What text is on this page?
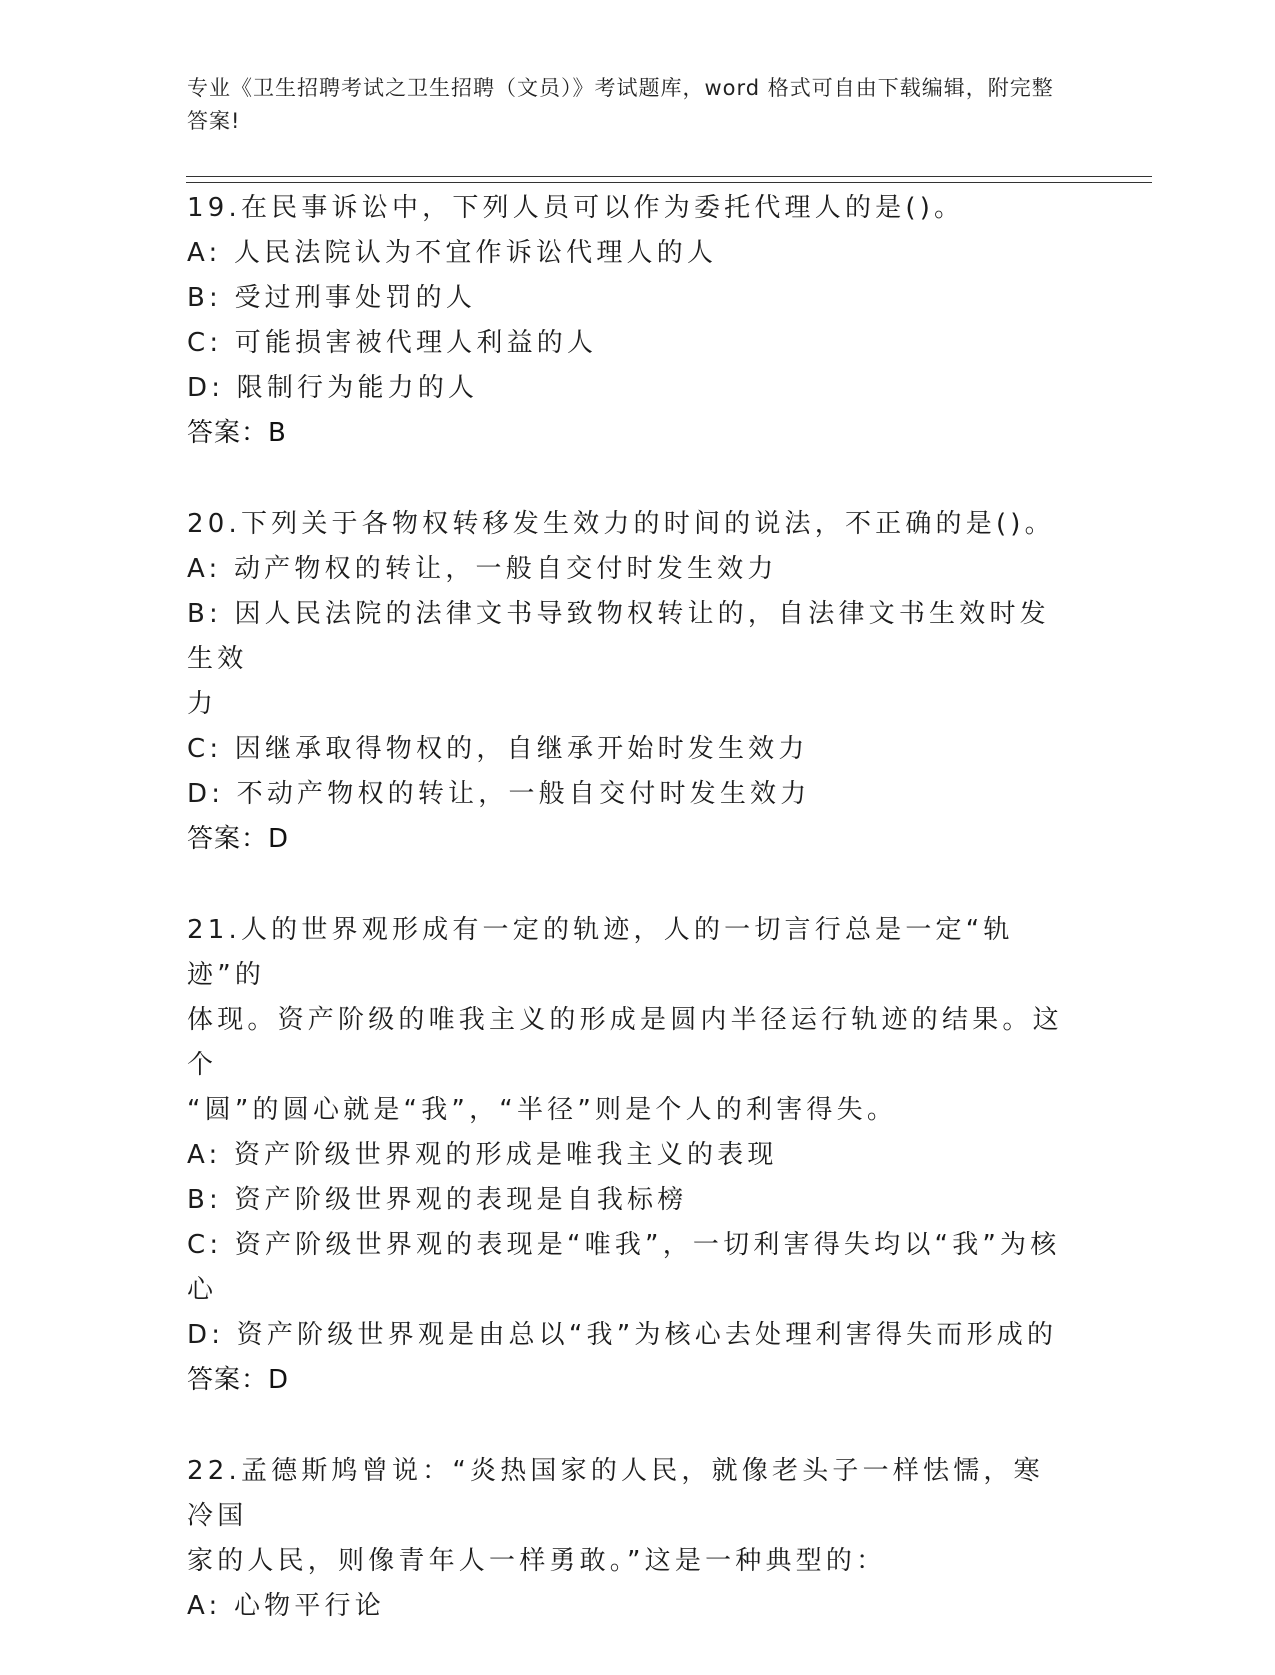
专业《卫生招聘考试之卫生招聘（文员）》考试题库，word 格式可自由下载编辑，附完整答案!
19.在民事诉讼中，下列人员可以作为委托代理人的是()。
A: 人民法院认为不宜作诉讼代理人的人
B: 受过刑事处罚的人
C: 可能损害被代理人利益的人
D: 限制行为能力的人
答案：B
20.下列关于各物权转移发生效力的时间的说法，不正确的是()。
A: 动产物权的转让，一般自交付时发生效力
B: 因人民法院的法律文书导致物权转让的，自法律文书生效时发生效
力
C: 因继承取得物权的，自继承开始时发生效力
D: 不动产物权的转让，一般自交付时发生效力
答案：D
21.人的世界观形成有一定的轨迹，人的一切言行总是一定“轨迹”的
体现。资产阶级的唯我主义的形成是圆内半径运行轨迹的结果。这个
“圆”的圆心就是“我”，“半径”则是个人的利害得失。
A: 资产阶级世界观的形成是唯我主义的表现
B: 资产阶级世界观的表现是自我标榜
C: 资产阶级世界观的表现是“唯我”，一切利害得失均以“我”为核
心
D: 资产阶级世界观是由总以“我”为核心去处理利害得失而形成的
答案：D
22.孟德斯鸠曾说：“炎热国家的人民，就像老头子一样怯懦，寒冷国
家的人民，则像青年人一样勇敢。”这是一种典型的：
A: 心物平行论
